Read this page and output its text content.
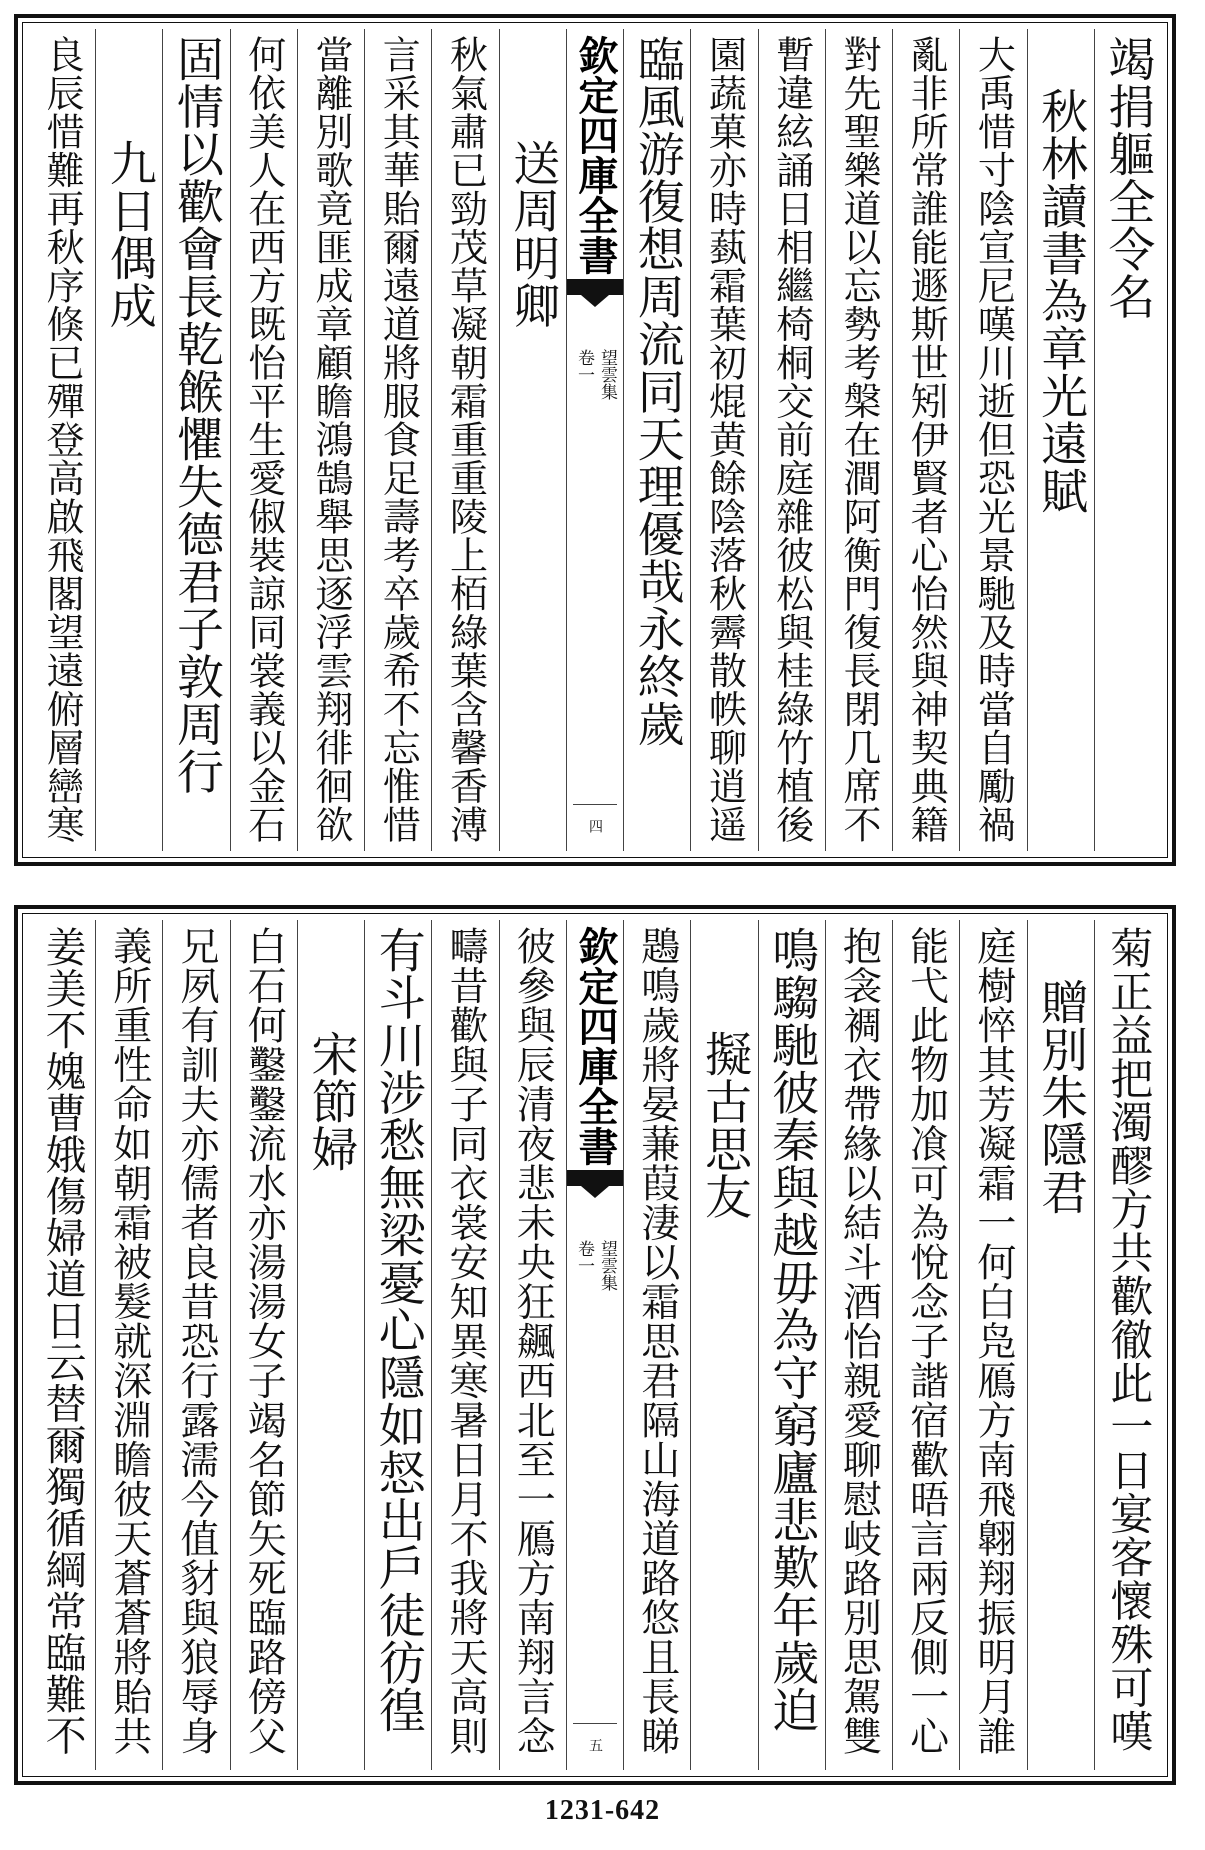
竭捐軀全令名
秋林讀書為章光遠賦
大禹惜寸陰宣尼嘆川逝但恐光景馳及時當自勵禍
亂非所常誰能遯斯世矧伊賢者心怡然與神契典籍
對先聖樂道以忘勢考槃在澗阿衡門復長閉几席不
暫違絃誦日相繼椅桐交前庭雜彼松與桂綠竹植後
園蔬菓亦時蓺霜葉初焜黄餘陰落秋霽散帙聊逍遥
臨風游復想周流同天理優哉永終歲
欽定四庫全書
望雲集
卷一
四
送周明卿
秋氣肅已勁茂草凝朝霜重重陵上栢綠葉含馨香溥
言采其華貽爾遠道將服食足壽考卒歲希不忘惟惜
當離別歌竟匪成章顧瞻鴻鵠舉思逐浮雲翔徘徊欲
何依美人在西方既怡平生愛俶裝諒同裳義以金石
固情以歡會長乾餱懼失德君子敦周行
九日偶成
良辰惜難再秋序倏已殫登高啟飛閣望遠俯層巒寒
菊正益把濁醪方共歡徹此一日宴客懷殊可嘆
贈別朱隱君
庭樹悴其芳凝霜一何白凫鴈方南飛翺翔振明月誰
能弋此物加飡可為悅念子諧宿歡晤言兩反側一心
抱衾裯衣帶緣以結斗酒怡親愛聊慰岐路別思駕雙
鳴騶馳彼秦與越毋為守窮廬悲歎年歲迫
擬古思友
鶗鳴歲將晏蒹葭淒以霜思君隔山海道路悠且長睇
欽定四庫全書
望雲集
卷一
五
彼參與辰清夜悲未央狂飆西北至一鴈方南翔言念
疇昔歡與子同衣裳安知異寒暑日月不我將天高則
有斗川涉愁無梁憂心隱如惄出戶徒彷徨
宋節婦
白石何鑿鑿流水亦湯湯女子竭名節矢死臨路傍父
兄夙有訓夫亦儒者良昔恐行露濡今值豺與狼辱身
義所重性命如朝霜被髮就深淵瞻彼天蒼蒼將貽共
姜美不媿曹娥傷婦道日云替爾獨循綱常臨難不
1231-642
